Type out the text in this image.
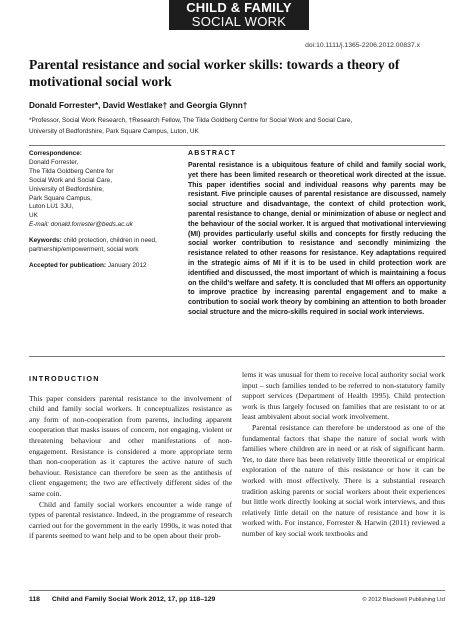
CHILD & FAMILY
SOCIAL WORK
doi:10.1111/j.1365-2206.2012.00837.x
Parental resistance and social worker skills: towards a theory of motivational social work
Donald Forrester*, David Westlake† and Georgia Glynn†
*Professor, Social Work Research, †Research Fellow, The Tilda Goldberg Centre for Social Work and Social Care,
University of Bedfordshire, Park Square Campus, Luton, UK
Correspondence:
Donald Forrester,
The Tilda Goldberg Centre for
Social Work and Social Care,
University of Bedfordshire,
Park Square Campus,
Luton LU1 3JU,
UK
E-mail: donald.forrester@beds.ac.uk
Keywords: child protection, children in need, partnership/empowerment, social work
Accepted for publication: January 2012
ABSTRACT
Parental resistance is a ubiquitous feature of child and family social work, yet there has been limited research or theoretical work directed at the issue. This paper identifies social and individual reasons why parents may be resistant. Five principle causes of parental resistance are discussed, namely social structure and disadvantage, the context of child protection work, parental resistance to change, denial or minimization of abuse or neglect and the behaviour of the social worker. It is argued that motivational interviewing (MI) provides particularly useful skills and concepts for firstly reducing the social worker contribution to resistance and secondly minimizing the resistance related to other reasons for resistance. Key adaptations required in the strategic aims of MI if it is to be used in child protection work are identified and discussed, the most important of which is maintaining a focus on the child's welfare and safety. It is concluded that MI offers an opportunity to improve practice by increasing parental engagement and to make a contribution to social work theory by combining an attention to both broader social structure and the micro-skills required in social work interviews.
INTRODUCTION

This paper considers parental resistance to the involvement of child and family social workers. It conceptualizes resistance as any form of non-cooperation from parents, including apparent cooperation that masks issues of concern, not engaging, violent or threatening behaviour and other manifestations of non-engagement. Resistance is considered a more appropriate term than non-cooperation as it captures the active nature of such behaviour. Resistance can therefore be seen as the antithesis of client engagement; the two are effectively different sides of the same coin.

Child and family social workers encounter a wide range of types of parental resistance. Indeed, in the programme of research carried out for the government in the early 1990s, it was noted that if parents seemed to want help and to be open about their prob-

lems it was unusual for them to receive local authority social work input – such families tended to be referred to non-statutory family support services (Department of Health 1995). Child protection work is thus largely focused on families that are resistant to or at least ambivalent about social work involvement.

Parental resistance can therefore be understood as one of the fundamental factors that shape the nature of social work with families where children are in need or at risk of significant harm. Yet, to date there has been relatively little theoretical or empirical exploration of the nature of this resistance or how it can be worked with most effectively. There is a substantial research tradition asking parents or social workers about their experiences but little work directly looking at social work interviews, and thus relatively little detail on the nature of resistance and how it is worked with. For instance, Forrester & Harwin (2011) reviewed a number of key social work textbooks and

118 Child and Family Social Work 2012, 17, pp 118–129	© 2012 Blackwell Publishing Ltd
